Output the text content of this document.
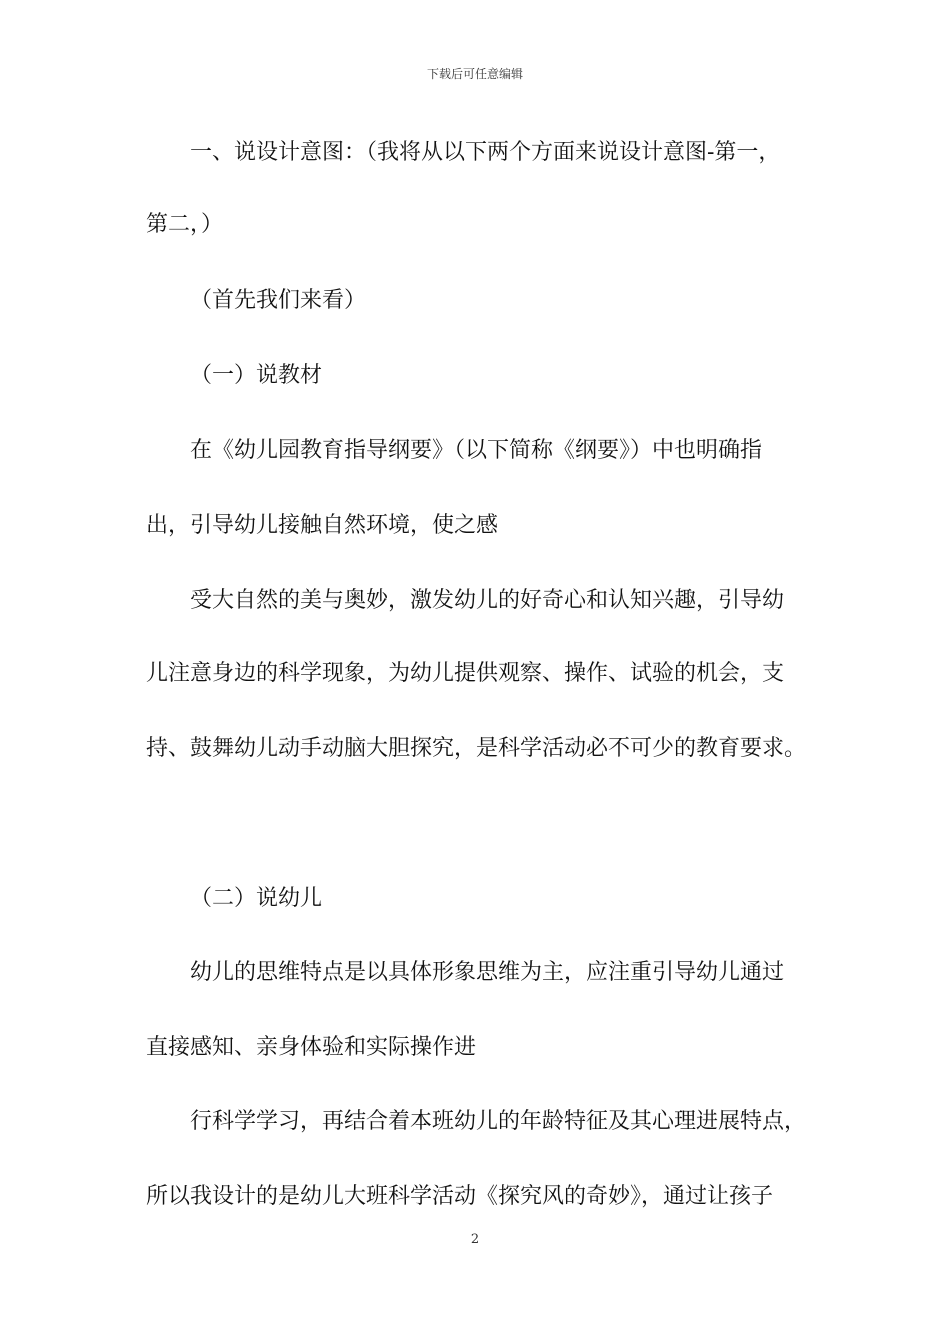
下载后可任意编辑
一、说设计意图：（我将从以下两个方面来说设计意图-第一，
第二，）
（首先我们来看）
（一）说教材
在《幼儿园教育指导纲要》（以下简称《纲要》）中也明确指
出，引导幼儿接触自然环境，使之感
受大自然的美与奥妙，激发幼儿的好奇心和认知兴趣，引导幼
儿注意身边的科学现象，为幼儿提供观察、操作、试验的机会，支
持、鼓舞幼儿动手动脑大胆探究，是科学活动必不可少的教育要求。
（二）说幼儿
幼儿的思维特点是以具体形象思维为主，应注重引导幼儿通过
直接感知、亲身体验和实际操作进
行科学学习，再结合着本班幼儿的年龄特征及其心理进展特点，
所以我设计的是幼儿大班科学活动《探究风的奇妙》，通过让孩子
2
